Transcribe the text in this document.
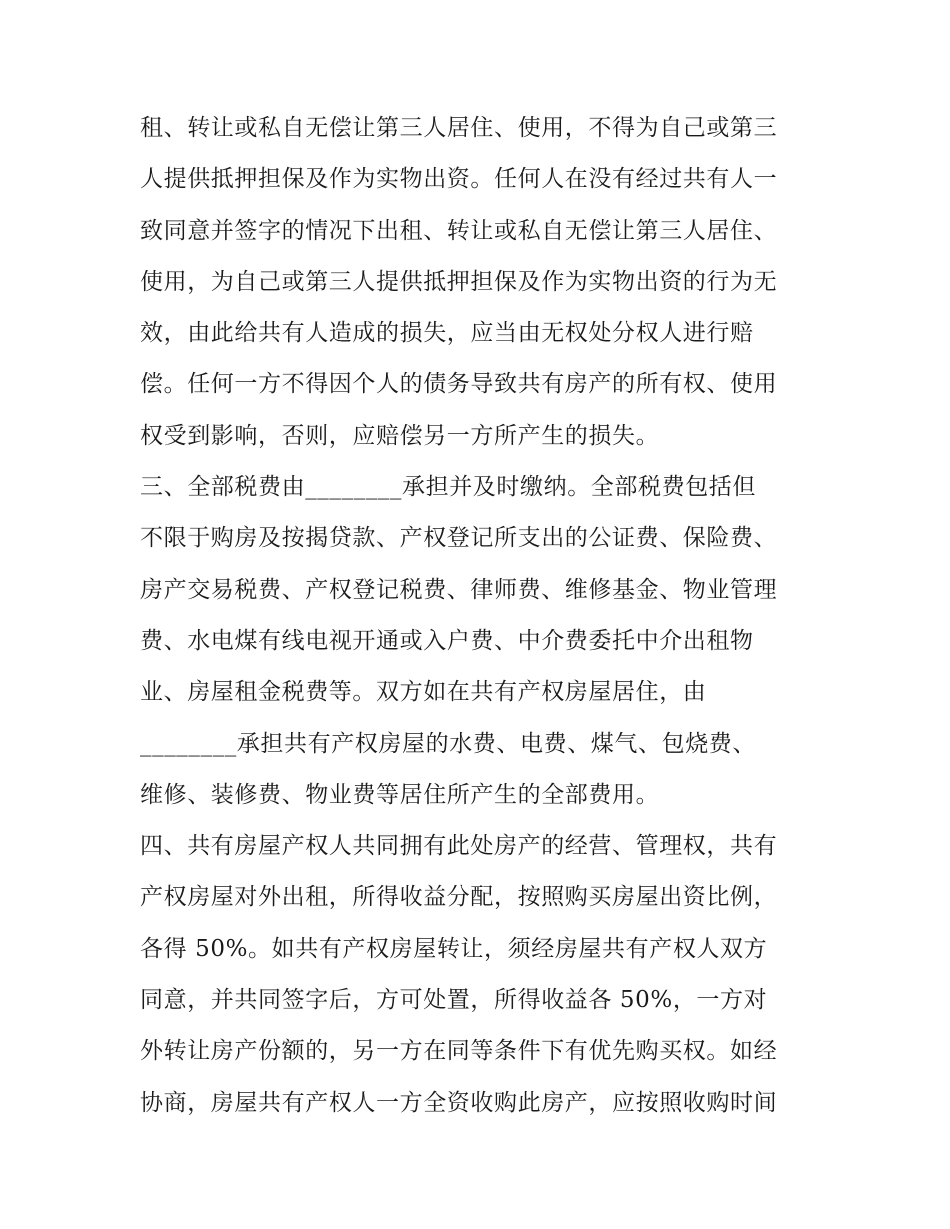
租、转让或私自无偿让第三人居住、使用，不得为自己或第三
人提供抵押担保及作为实物出资。任何人在没有经过共有人一
致同意并签字的情况下出租、转让或私自无偿让第三人居住、
使用，为自己或第三人提供抵押担保及作为实物出资的行为无
效，由此给共有人造成的损失，应当由无权处分权人进行赔
偿。任何一方不得因个人的债务导致共有房产的所有权、使用
权受到影响，否则，应赔偿另一方所产生的损失。
三、全部税费由________承担并及时缴纳。全部税费包括但
不限于购房及按揭贷款、产权登记所支出的公证费、保险费、
房产交易税费、产权登记税费、律师费、维修基金、物业管理
费、水电煤有线电视开通或入户费、中介费委托中介出租物
业、房屋租金税费等。双方如在共有产权房屋居住，由
________承担共有产权房屋的水费、电费、煤气、包烧费、
维修、装修费、物业费等居住所产生的全部费用。
四、共有房屋产权人共同拥有此处房产的经营、管理权，共有
产权房屋对外出租，所得收益分配，按照购买房屋出资比例，
各得 50%。如共有产权房屋转让，须经房屋共有产权人双方
同意，并共同签字后，方可处置，所得收益各 50%，一方对
外转让房产份额的，另一方在同等条件下有优先购买权。如经
协商，房屋共有产权人一方全资收购此房产，应按照收购时间
